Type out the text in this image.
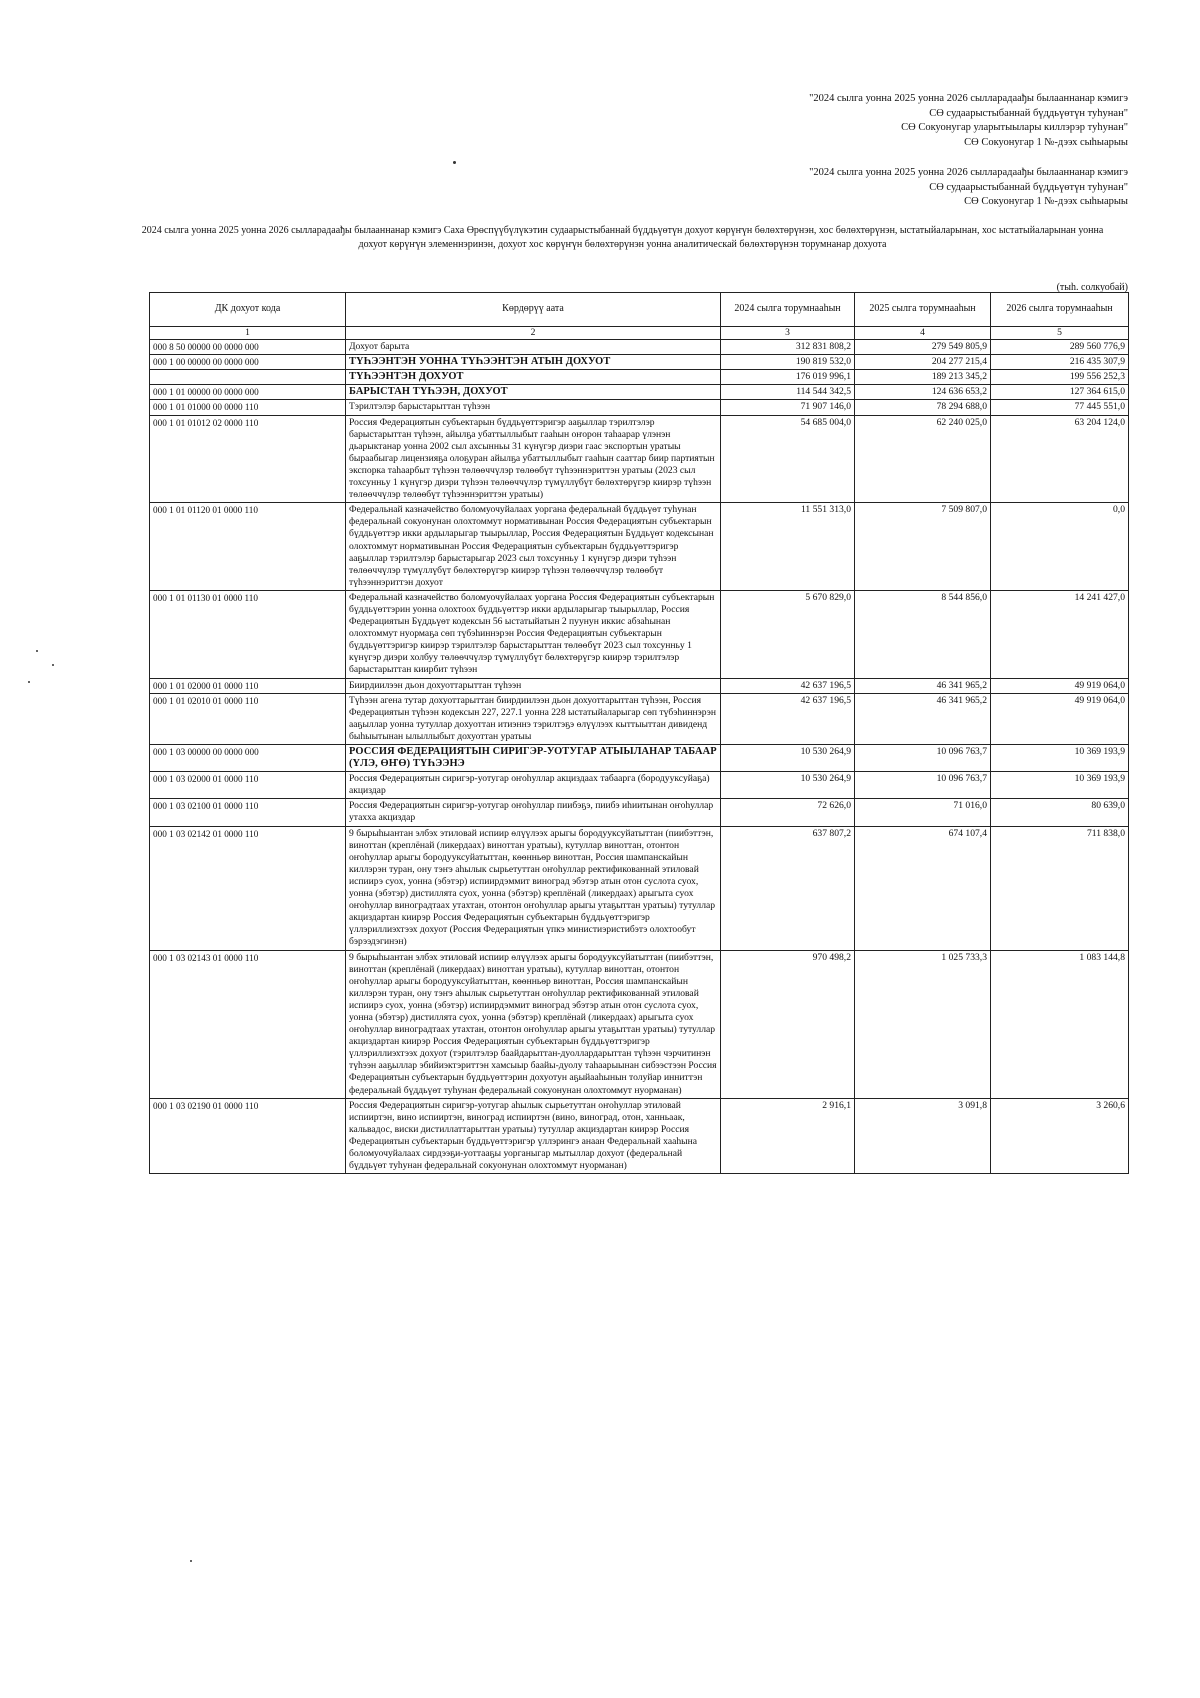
"2024 сылга уонна 2025 уонна 2026 сылларадаађы былааннанар кэмигэ
СӨ судаарыстыбаннай бүддьүөтүн туһунан"
СӨ Сокуонугар уларытыылары киллэрэр туһунан"
СӨ Сокуонугар 1 №-дээх сыһыарыы
"2024 сылга уонна 2025 уонна 2026 сылларадаађы былааннанар кэмигэ
СӨ судаарыстыбаннай бүддьүөтүн туһунан"
СӨ Сокуонугар 1 №-дээх сыһыарыы
2024 сылга уонна 2025 уонна 2026 сылларадаађы былааннанар кэмигэ Саха Өрөспүүбүлүкэтин судаарыстыбаннай бүддьүөтүн дохуот көрүҥүн бөлөхтөрүнэн, хос бөлөхтөрүнэн, ыстатыйаларынан, хос ыстатыйаларынан уонна дохуот көрүҥүн элеменнэринэн, дохуот хос көрүҥүн бөлөхтөрүнэн уонна аналитическай бөлөхтөрүнэн торумнанар дохуота
(тыһ. солкуобай)
ДК дохуот кода	Көрдөрүү аата	2024 сылга торумнааһын	2025 сылга торумнааһын	2026 сылга торумнааһын
1	2	3	4	5
000 8 50 00000 00 0000 000	Дохуот барыта	312 831 808,2	279 549 805,9	289 560 776,9
000 1 00 00000 00 0000 000	ТҮҺЭЭНТЭН УОННА ТҮҺЭЭНТЭН АТЫН ДОХУОТ	190 819 532,0	204 277 215,4	216 435 307,9
	ТҮҺЭЭНТЭН ДОХУОТ	176 019 996,1	189 213 345,2	199 556 252,3
000 1 01 00000 00 0000 000	БАРЫСТАН ТҮҺЭЭН, ДОХУОТ	114 544 342,5	124 636 653,2	127 364 615,0
000 1 01 01000 00 0000 110	Тэрилтэлэр барыстарыттан түһээн	71 907 146,0	78 294 688,0	77 445 551,0
000 1 01 01012 02 0000 110	Россия Федерациятын субъектарын бүддьүөттэригэр ааҕыллар тэрилтэлэр барыстарыттан түһээн, айылҕа убаттыллыбыт гааһын оҥорон таһаарар үлэнэн дьарыктанар уонна 2002 сыл ахсынньы 31 күнүгэр диэри гаас экспортын уратыы быраабыгар лицензияҕа олоҕуран айылҕа убаттыллыбыт гааһын сааттар биир партиятын экспорка таһаарбыт түһээн төлөөччүлэр төлөөбүт түһээннэриттэн уратыы (2023 сыл тохсунньу 1 күнүгэр диэри түһээн төлөөччүлэр түмүллүбүт бөлөхтөрүгэр киирэр түһээн төлөөччүлэр төлөөбүт түһээннэриттэн уратыы)	54 685 004,0	62 240 025,0	63 204 124,0
000 1 01 01120 01 0000 110	Федеральнай казначейство боломуочуйалаах уорганa федеральнай бүддьүөт туһунан федеральнай сокуонунан олохтоммут нормативынан Россия Федерациятын субъектарын бүддьүөттэр икки ардыларыгар тыырыллар, Россия Федерациятын Бүддьүөт кодексынан олохтоммут нормативынан Россия Федерациятын субъектарын бүддьүөттэригэр ааҕыллар тэрилтэлэр барыстарыгар 2023 сыл тохсунньу 1 күнүгэр диэри түһээн төлөөччүлэр түмүллүбүт бөлөхтөрүгэр киирэр түһээн төлөөччүлэр төлөөбүт түһээннэриттэн дохуот	11 551 313,0	7 509 807,0	0,0
000 1 01 01130 01 0000 110	Федеральнай казначейство боломуочуйалаах уорганa Россия Федерациятын субъектарын бүддьүөттэрин уонна олохтоох бүддьүөттэр икки ардыларыгар тыырыллар, Россия Федерациятын Бүддьүөт кодексын 56 ыстатыйатын 2 пуунун иккис абзаһынан олохтоммут нуормаҕа сөп түбэһиннэрэн Россия Федерациятын субъектарын бүддьүөттэригэр киирэр тэрилтэлэр барыстарыттан төлөөбүт 2023 сыл тохсунньу 1 күнүгэр диэри холбуу төлөөччүлэр түмүллүбүт бөлөхтөрүгэр киирэр тэрилтэлэр барыстарыттан киирбит түһээн	5 670 829,0	8 544 856,0	14 241 427,0
000 1 01 02000 01 0000 110	Биирдиилээн дьон дохуоттарыттан түһээн	42 637 196,5	46 341 965,2	49 919 064,0
000 1 01 02010 01 0000 110	Түһээн агена тутар дохуоттарыттан биирдиилээн дьон дохуоттарыттан түһээн, Россия Федерациятын түһээн кодексын 227, 227.1 уонна 228 ыстатыйаларыгар сөп түбэһиннэрэн ааҕыллар уонна тутуллар дохуоттан итиэннэ тэрилтэҕэ өлүүлээх кыттыыттан дивиденд быһыытынан ылыллыбыт дохуоттан уратыы	42 637 196,5	46 341 965,2	49 919 064,0
000 1 03 00000 00 0000 000	РОССИЯ ФЕДЕРАЦИЯТЫН СИРИГЭР-УОТУГАР АТЫЫЛАНАР ТАБААР (ҮЛЭ, ӨҤӨ) ТҮҺЭЭНЭ	10 530 264,9	10 096 763,7	10 369 193,9
000 1 03 02000 01 0000 110	Россия Федерациятын сиригэр-уотугар оҥоһуллар акциздаах табаарга (бородууксуйаҕа) акциздар	10 530 264,9	10 096 763,7	10 369 193,9
000 1 03 02100 01 0000 110	Россия Федерациятын сиригэр-уотугар оҥоһуллар пиибэҕэ, пиибэ иһиитынан оҥоһуллар утахха акциздар	72 626,0	71 016,0	80 639,0
000 1 03 02142 01 0000 110	9 бырыһыантан элбэх этиловай испиир өлүүлээх арыгы бородууксуйатыттан (пиибэттэн, виноттан (креплёнай (ликердаах) виноттан уратыы), кутуллар виноттан, отонтон оҥоһуллар арыгы бородууксуйатыттан, көөнньөр виноттан, Россия шампанскайын киллэрэн туран, ону тэҥэ аһылык сырьетуттан оҥоһуллар ректификованнай этиловай испиирэ суох, уонна (эбэтэр) испиирдэммит виноград эбэтэр атын отон суслота суох, уонна (эбэтэр) дистиллята суох, уонна (эбэтэр) креплёнай (ликердаах) арыгыта суох оҥоһуллар виноградтаах утахтан, отонтон оҥоһуллар арыгы утаҕыттан уратыы) тутуллар акциздартан киирэр Россия Федерациятын субъектарын бүддьүөттэригэр үллэриллиэхтээх дохуот (Россия Федерациятын үпкэ министиэристибэтэ олохтообут бэрээдэгинэн)	637 807,2	674 107,4	711 838,0
000 1 03 02143 01 0000 110	9 бырыһыантан элбэх этиловай испиир өлүүлээх арыгы бородууксуйатыттан (пиибэттэн, виноттан (креплёнай (ликердаах) виноттан уратыы), кутуллар виноттан, отонтон оҥоһуллар арыгы бородууксуйатыттан, көөнньөр виноттан, Россия шампанскайын киллэрэн туран, ону тэҥэ аһылык сырьетуттан оҥоһуллар ректификованнай этиловай испиирэ суох, уонна (эбэтэр) испиирдэммит виноград эбэтэр атын отон суслота суох, уонна (эбэтэр) дистиллята суох, уонна (эбэтэр) креплёнай (ликердаах) арыгыта суох оҥоһуллар виноградтаах утахтан, отонтон оҥоһуллар арыгы утаҕыттан уратыы) тутуллар акциздартан киирэр Россия Федерациятын субъектарын бүддьүөттэригэр үллэриллиэхтээх дохуот (тэрилтэлэр баайдарыттан-дуоллардарыттан түһээн чэрчитинэн түһээн ааҕыллар эбийиэктэриттэн хамсыыр баайы-дуолу таһаарыынан сибээстээн Россия Федерациятын субъектарын бүддьүөттэрин дохуотун аҕыйааһынын толуйар инниттэн федеральнай бүддьүөт туһунан федеральнай сокуонунан олохтоммут нуорманан)	970 498,2	1 025 733,3	1 083 144,8
000 1 03 02190 01 0000 110	Россия Федерациятын сиригэр-уотугар аһылык сырьетуттан оҥоһуллар этиловай испииртэн, вино испииртэн, виноград испииртэн (вино, виноград, отон, ханньаак, кальвадос, виски дистиллаттарыттан уратыы) тутуллар акциздартан киирэр Россия Федерациятын субъектарын бүддьүөттэригэр үллэрингэ анаан Федеральнай хааһына боломуочуйалаах сирдээҕи-уоттааҕы уорганыгар мытыллар дохуот (федеральнай бүддьүөт туһунан федеральнай сокуонунан олохтоммут нуорманан)	2 916,1	3 091,8	3 260,6
